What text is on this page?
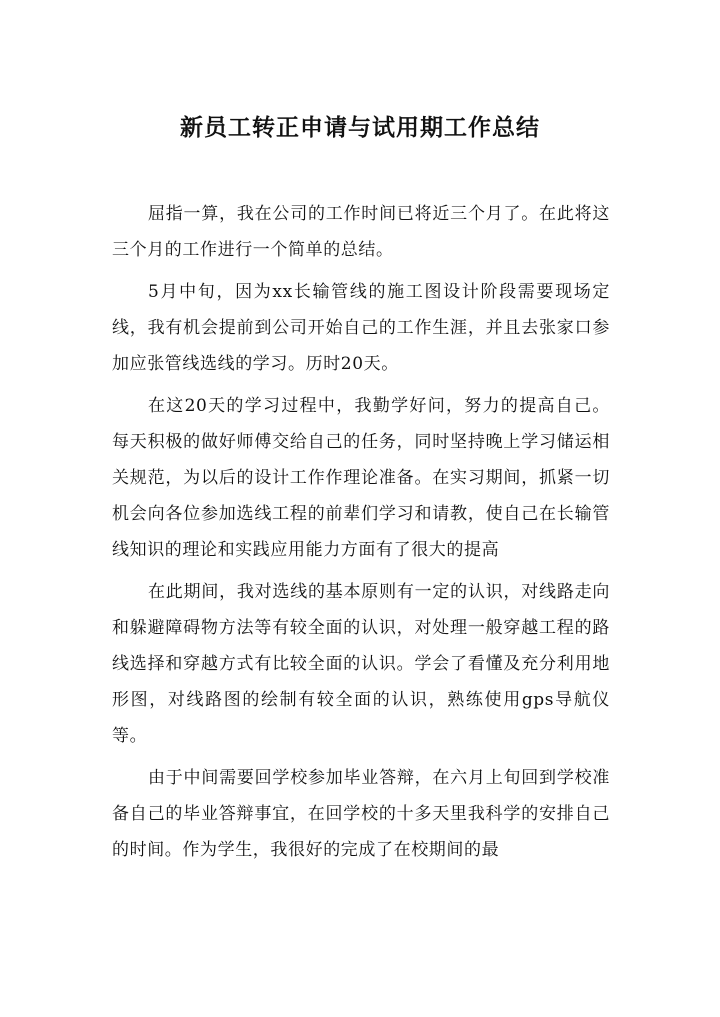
新员工转正申请与试用期工作总结

屈指一算，我在公司的工作时间已将近三个月了。在此将这三个月的工作进行一个简单的总结。

5月中旬，因为xx长输管线的施工图设计阶段需要现场定线，我有机会提前到公司开始自己的工作生涯，并且去张家口参加应张管线选线的学习。历时20天。

在这20天的学习过程中，我勤学好问，努力的提高自己。每天积极的做好师傅交给自己的任务，同时坚持晚上学习储运相关规范，为以后的设计工作作理论准备。在实习期间，抓紧一切机会向各位参加选线工程的前辈们学习和请教，使自己在长输管线知识的理论和实践应用能力方面有了很大的提高

在此期间，我对选线的基本原则有一定的认识，对线路走向和躲避障碍物方法等有较全面的认识，对处理一般穿越工程的路线选择和穿越方式有比较全面的认识。学会了看懂及充分利用地形图，对线路图的绘制有较全面的认识，熟练使用gps导航仪等。

由于中间需要回学校参加毕业答辩，在六月上旬回到学校准备自己的毕业答辩事宜，在回学校的十多天里我科学的安排自己的时间。作为学生，我很好的完成了在校期间的最
